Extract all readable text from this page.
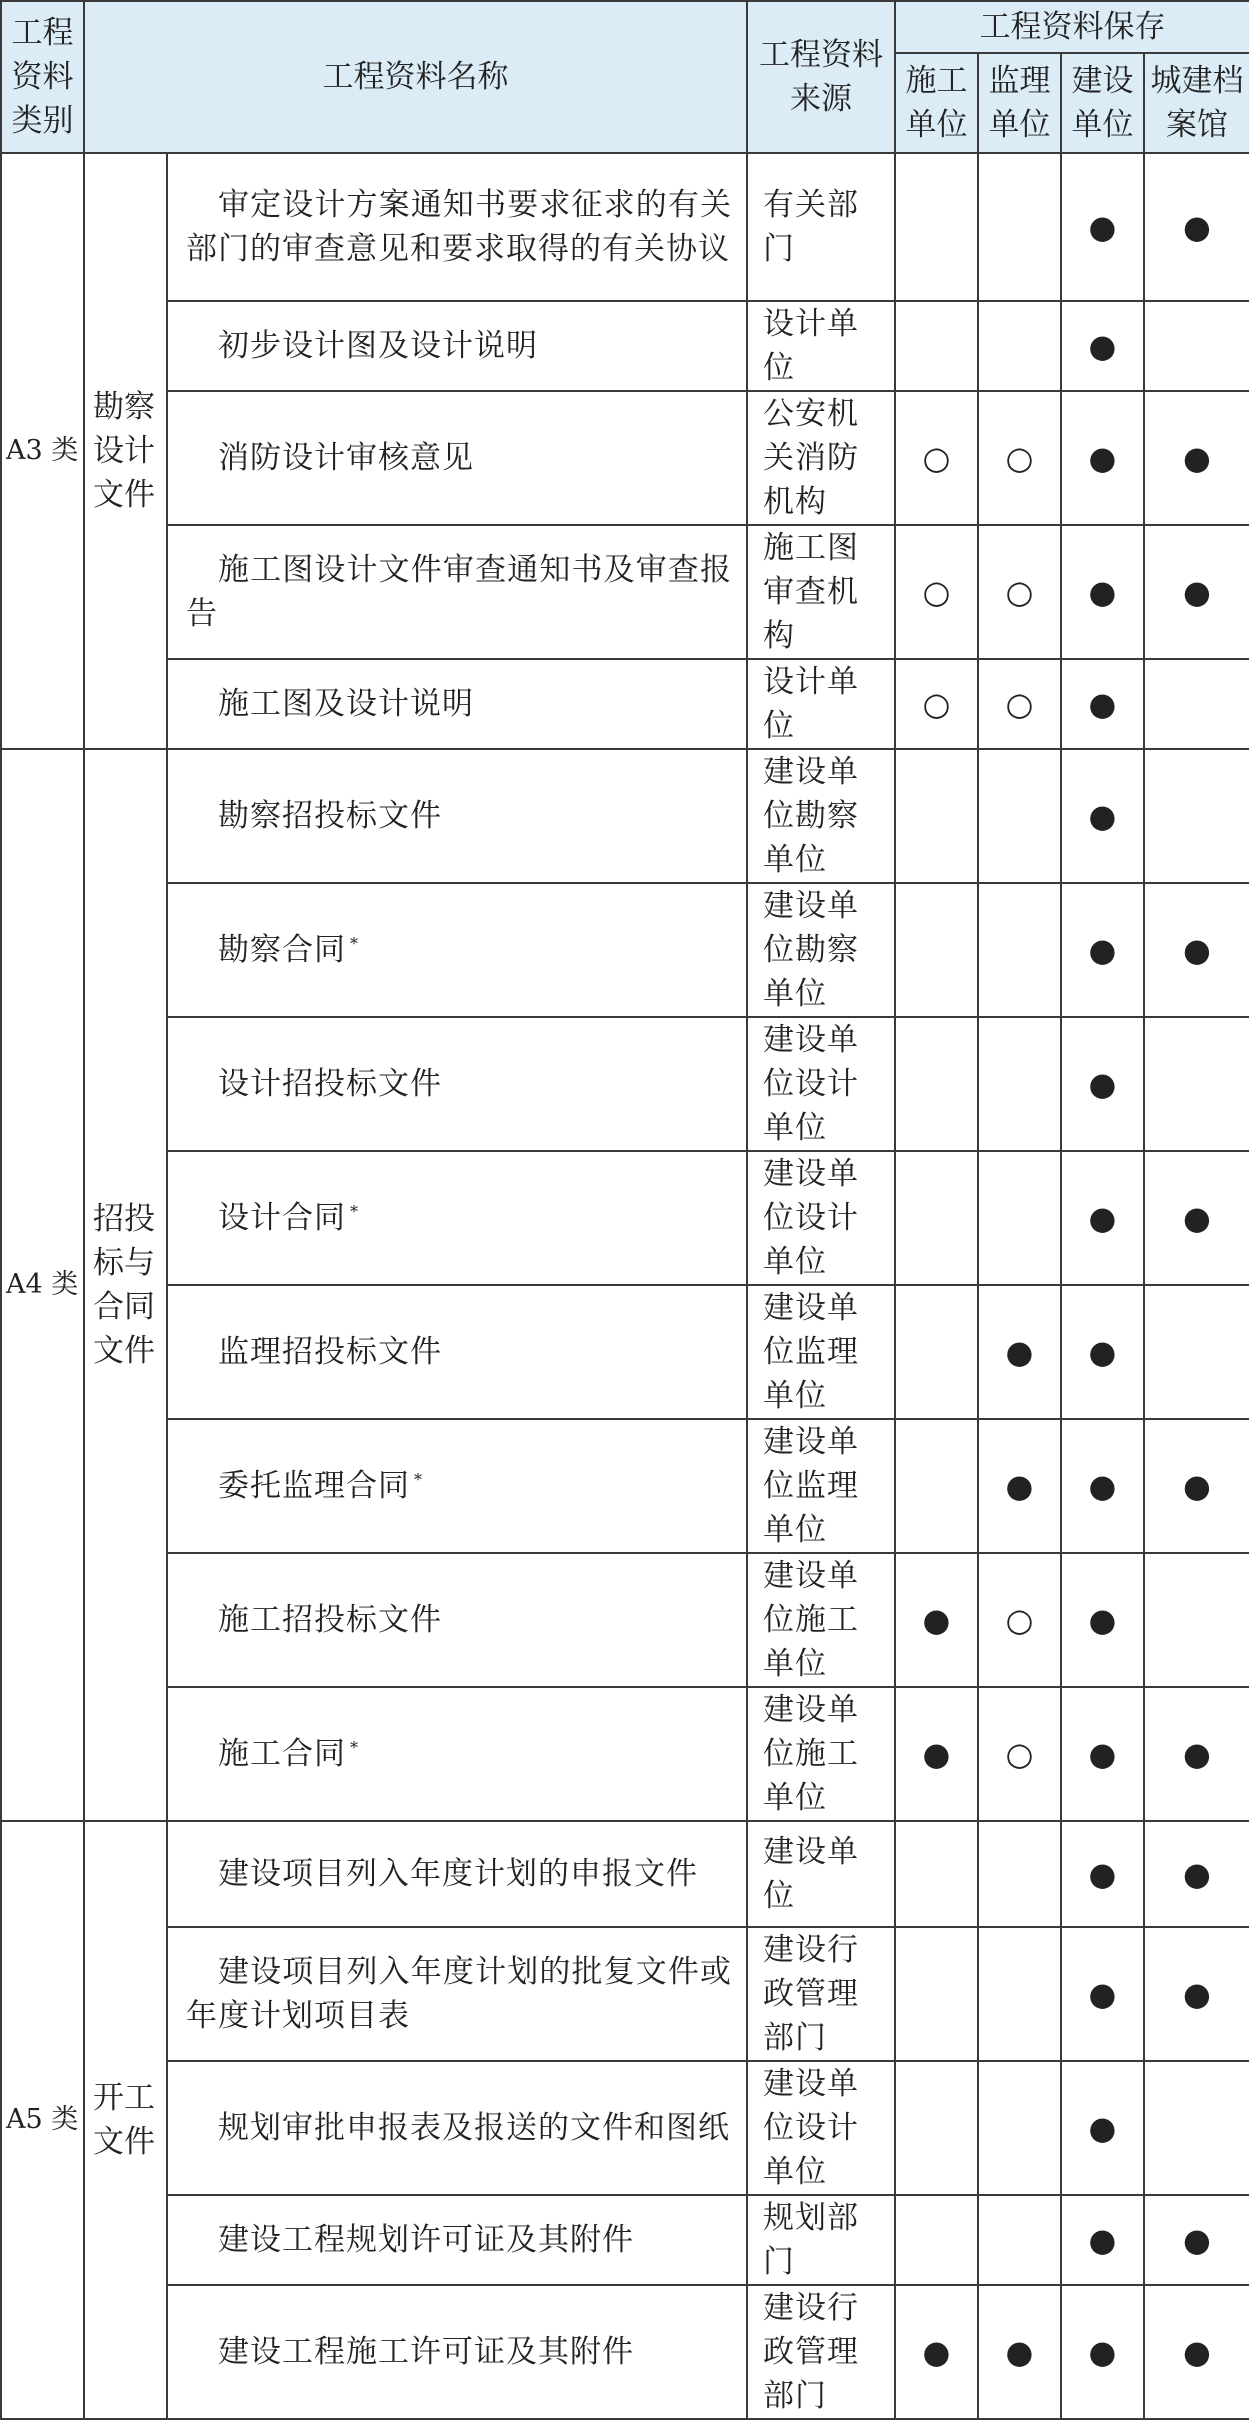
工程资料类别	工程资料名称		工程资料来源	工程资料保存			
				施工单位	监理单位	建设单位	城建档案馆
A3 类	勘察设计文件	审定设计方案通知书要求征求的有关部门的审查意见和要求取得的有关协议	有关部门			●	●
		初步设计图及设计说明	设计单位			●	
		消防设计审核意见	公安机关消防机构	○	○	●	●
		施工图设计文件审查通知书及审查报告	施工图审查机构	○	○	●	●
		施工图及设计说明	设计单位	○	○	●	
A4 类	招投标与合同文件	勘察招投标文件	建设单位勘察单位			●	
		勘察合同 *	建设单位勘察单位			●	●
		设计招投标文件	建设单位设计单位			●	
		设计合同 *	建设单位设计单位			●	●
		监理招投标文件	建设单位监理单位		●	●	
		委托监理合同 *	建设单位监理单位		●	●	●
		施工招投标文件	建设单位施工单位	●	○	●	
		施工合同 *	建设单位施工单位	●	○	●	●
A5 类	开工文件	建设项目列入年度计划的申报文件	建设单位			●	●
		建设项目列入年度计划的批复文件或年度计划项目表	建设行政管理部门			●	●
		规划审批申报表及报送的文件和图纸	建设单位设计单位			●	
		建设工程规划许可证及其附件	规划部门			●	●
		建设工程施工许可证及其附件	建设行政管理部门	●	●	●	●
